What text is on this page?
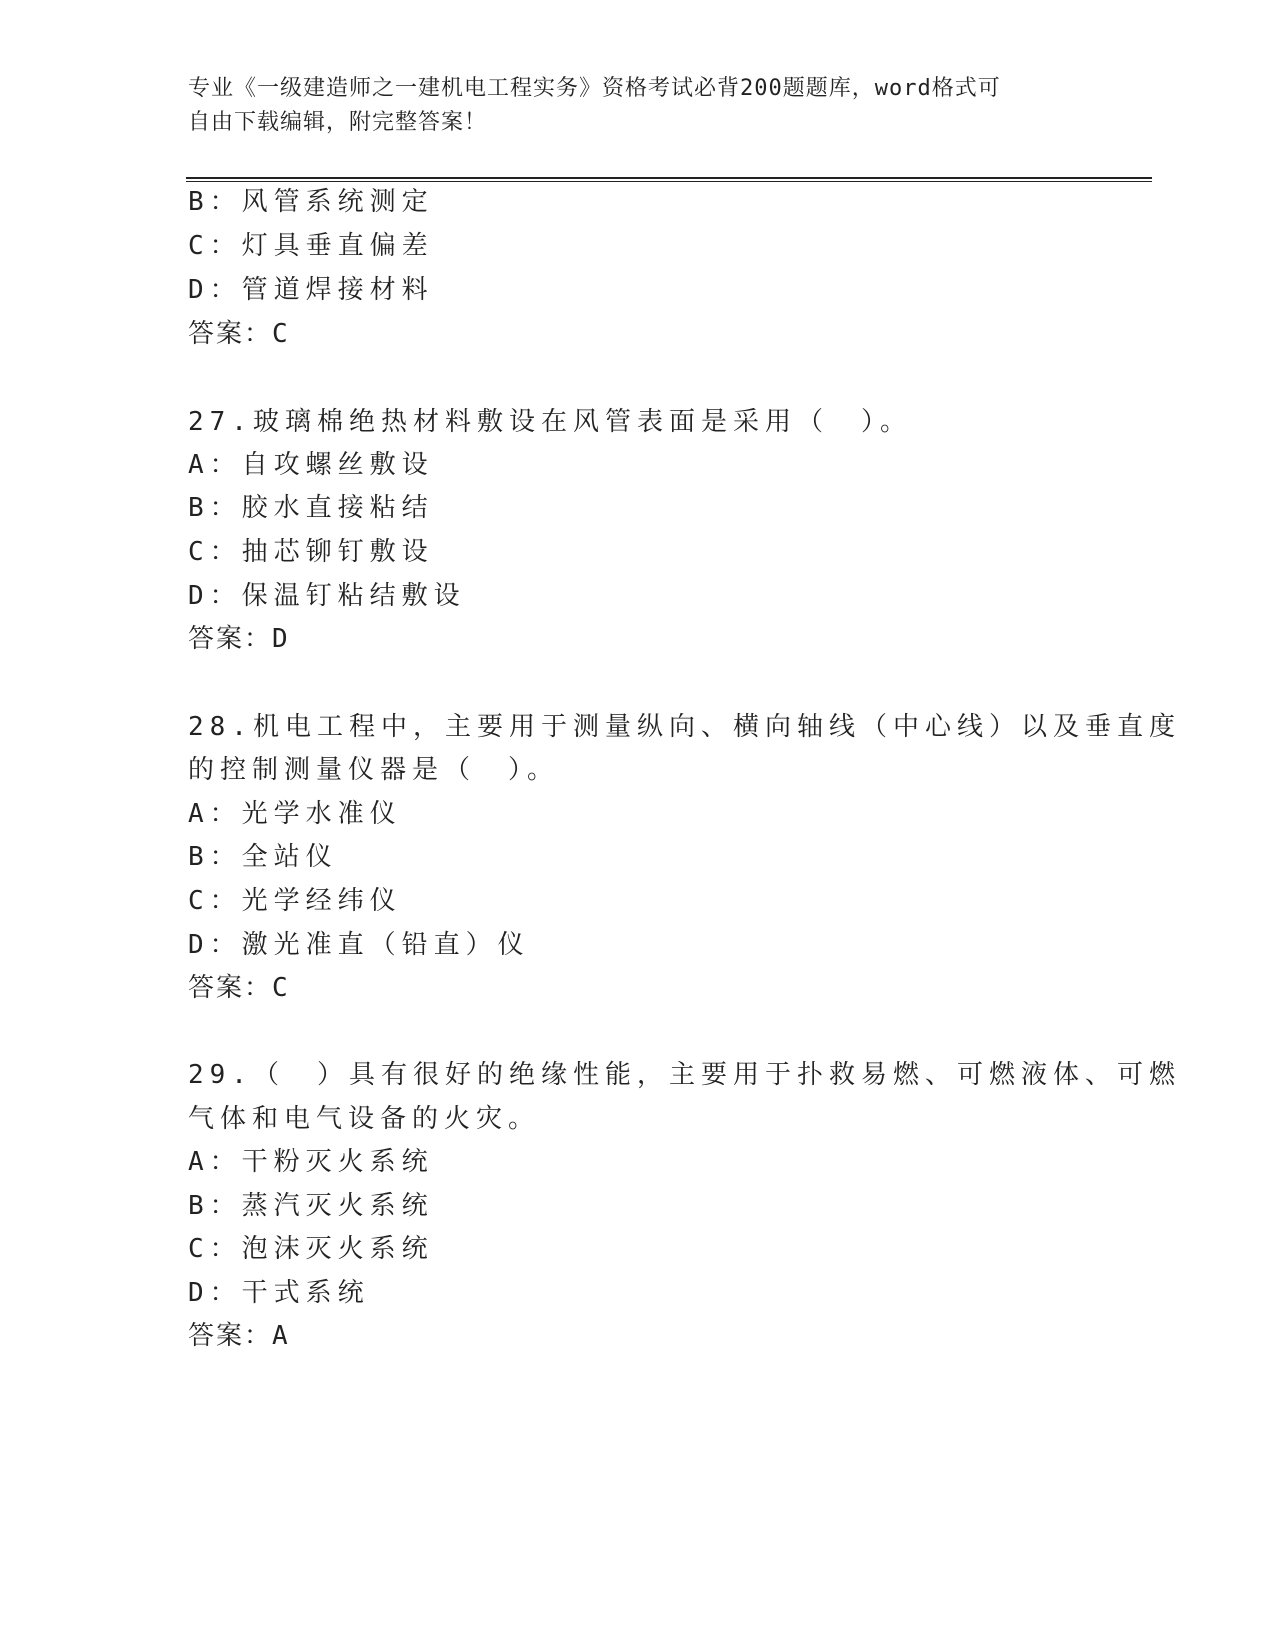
专业《一级建造师之一建机电工程实务》资格考试必背200题题库，word格式可
自由下载编辑，附完整答案！
B：风管系统测定
C：灯具垂直偏差
D：管道焊接材料
答案：C
27.玻璃棉绝热材料敷设在风管表面是采用（　）。
A：自攻螺丝敷设
B：胶水直接粘结
C：抽芯铆钉敷设
D：保温钉粘结敷设
答案：D
28.机电工程中，主要用于测量纵向、横向轴线（中心线）以及垂直度
的控制测量仪器是（　）。
A：光学水准仪
B：全站仪
C：光学经纬仪
D：激光准直（铅直）仪
答案：C
29.（　）具有很好的绝缘性能，主要用于扑救易燃、可燃液体、可燃
气体和电气设备的火灾。
A：干粉灭火系统
B：蒸汽灭火系统
C：泡沫灭火系统
D：干式系统
答案：A
